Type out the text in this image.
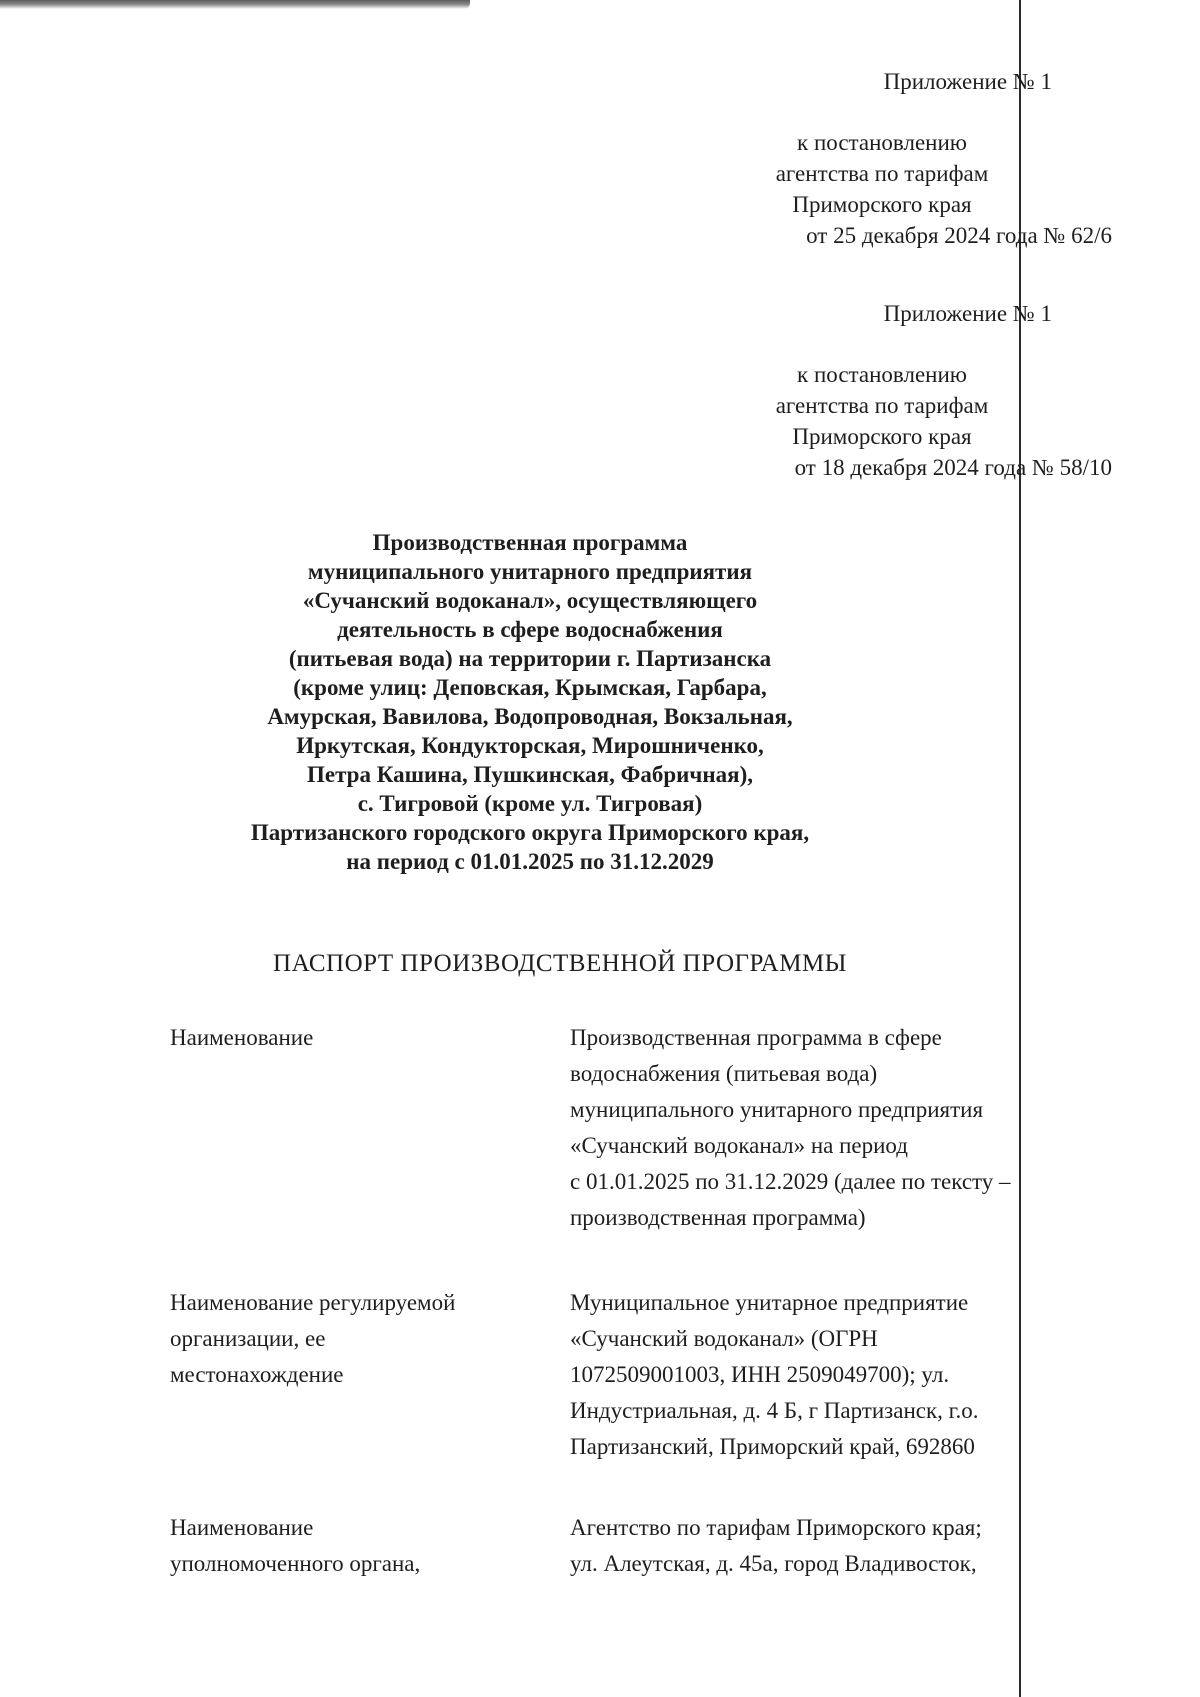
Приложение № 1
к постановлению
агентства по тарифам
Приморского края
от 25 декабря 2024 года № 62/6
Приложение № 1
к постановлению
агентства по тарифам
Приморского края
от 18 декабря 2024 года № 58/10
Производственная программа
муниципального унитарного предприятия
«Сучанский водоканал», осуществляющего
деятельность в сфере водоснабжения
(питьевая вода) на территории г. Партизанска
(кроме улиц: Деповская, Крымская, Гарбара,
Амурская, Вавилова, Водопроводная, Вокзальная,
Иркутская, Кондукторская, Мирошниченко,
Петра Кашина, Пушкинская, Фабричная),
с. Тигровой (кроме ул. Тигровая)
Партизанского городского округа Приморского края,
на период с 01.01.2025 по 31.12.2029
ПАСПОРТ ПРОИЗВОДСТВЕННОЙ ПРОГРАММЫ
Наименование	Производственная программа в сфере
водоснабжения (питьевая вода)
муниципального унитарного предприятия
«Сучанский водоканал» на период
с 01.01.2025 по 31.12.2029 (далее по тексту –
производственная программа)
Наименование регулируемой
организации, ее
местонахождение
Муниципальное унитарное предприятие
«Сучанский водоканал» (ОГРН
1072509001003, ИНН 2509049700); ул.
Индустриальная, д. 4 Б, г Партизанск, г.о.
Партизанский, Приморский край, 692860
Наименование
уполномоченного органа,
Агентство по тарифам Приморского края;
ул. Алеутская, д. 45а, город Владивосток,
